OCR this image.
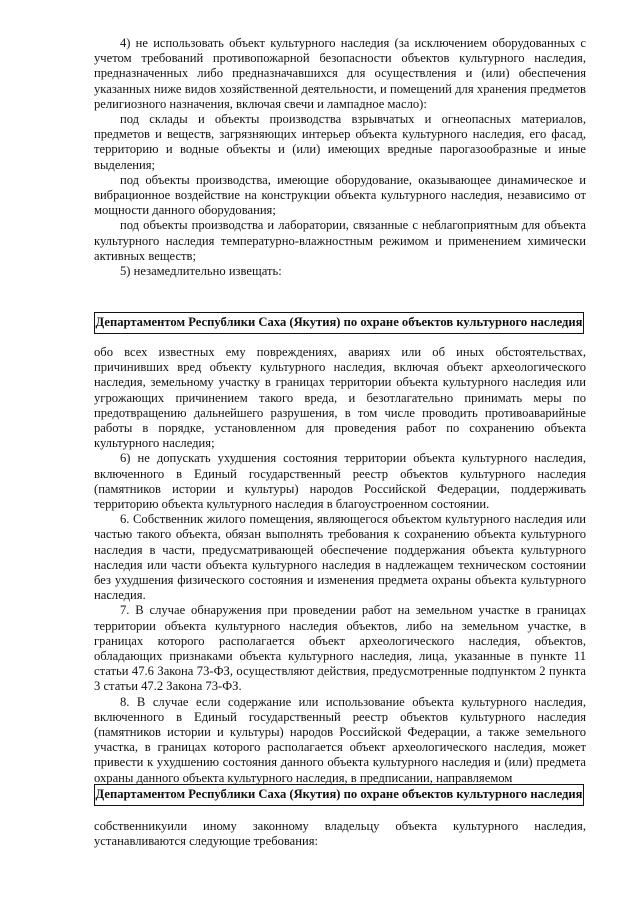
4) не использовать объект культурного наследия (за исключением оборудованных с учетом требований противопожарной безопасности объектов культурного наследия, предназначенных либо предназначавшихся для осуществления и (или) обеспечения указанных ниже видов хозяйственной деятельности, и помещений для хранения предметов религиозного назначения, включая свечи и лампадное масло):

под склады и объекты производства взрывчатых и огнеопасных материалов, предметов и веществ, загрязняющих интерьер объекта культурного наследия, его фасад, территорию и водные объекты и (или) имеющих вредные парогазообразные и иные выделения;

под объекты производства, имеющие оборудование, оказывающее динамическое и вибрационное воздействие на конструкции объекта культурного наследия, независимо от мощности данного оборудования;

под объекты производства и лаборатории, связанные с неблагоприятным для объекта культурного наследия температурно-влажностным режимом и применением химически активных веществ;

5) незамедлительно извещать:

Департаментом Республики Саха (Якутия) по охране объектов культурного наследия

обо всех известных ему повреждениях, авариях или об иных обстоятельствах, причинивших вред объекту культурного наследия, включая объект археологического наследия, земельному участку в границах территории объекта культурного наследия или угрожающих причинением такого вреда, и безотлагательно принимать меры по предотвращению дальнейшего разрушения, в том числе проводить противоаварийные работы в порядке, установленном для проведения работ по сохранению объекта культурного наследия;

6) не допускать ухудшения состояния территории объекта культурного наследия, включенного в Единый государственный реестр объектов культурного наследия (памятников истории и культуры) народов Российской Федерации, поддерживать территорию объекта культурного наследия в благоустроенном состоянии.

6. Собственник жилого помещения, являющегося объектом культурного наследия или частью такого объекта, обязан выполнять требования к сохранению объекта культурного наследия в части, предусматривающей обеспечение поддержания объекта культурного наследия или части объекта культурного наследия в надлежащем техническом состоянии без ухудшения физического состояния и изменения предмета охраны объекта культурного наследия.

7. В случае обнаружения при проведении работ на земельном участке в границах территории объекта культурного наследия объектов, либо на земельном участке, в границах которого располагается объект археологического наследия, объектов, обладающих признаками объекта культурного наследия, лица, указанные в пункте 11 статьи 47.6 Закона 73-ФЗ, осуществляют действия, предусмотренные подпунктом 2 пункта 3 статьи 47.2 Закона 73-ФЗ.

8. В случае если содержание или использование объекта культурного наследия, включенного в Единый государственный реестр объектов культурного наследия (памятников истории и культуры) народов Российской Федерации, а также земельного участка, в границах которого располагается объект археологического наследия, может привести к ухудшению состояния данного объекта культурного наследия и (или) предмета охраны данного объекта культурного наследия, в предписании, направляемом

Департаментом Республики Саха (Якутия) по охране объектов культурного наследия

собственникуили иному законному владельцу объекта культурного наследия, устанавливаются следующие требования:
